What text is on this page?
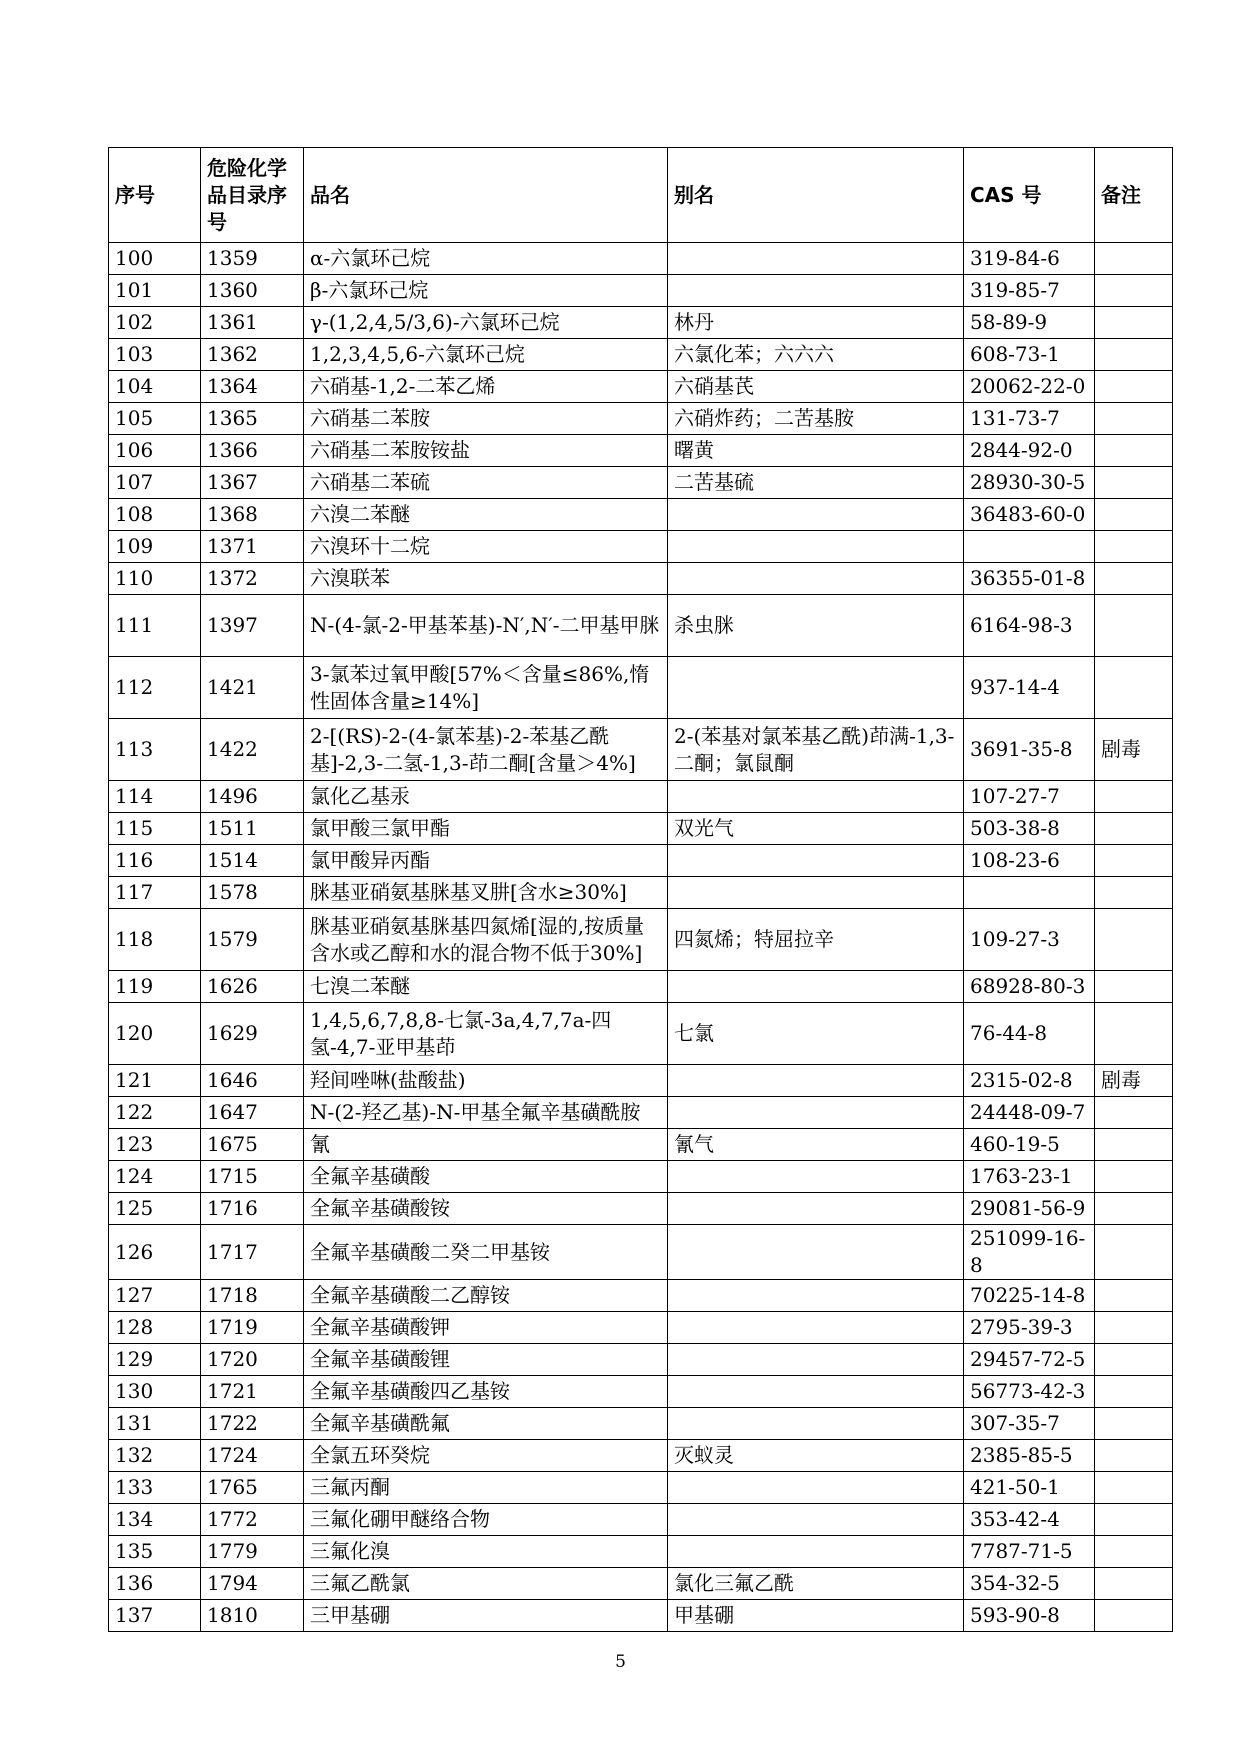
序号	危险化学品目录序号	品名	别名	CAS 号	备注
100	1359	α-六氯环己烷		319-84-6	
101	1360	β-六氯环己烷		319-85-7	
102	1361	γ-(1,2,4,5/3,6)-六氯环己烷	林丹	58-89-9	
103	1362	1,2,3,4,5,6-六氯环己烷	六氯化苯；六六六	608-73-1	
104	1364	六硝基-1,2-二苯乙烯	六硝基芪	20062-22-0	
105	1365	六硝基二苯胺	六硝炸药；二苦基胺	131-73-7	
106	1366	六硝基二苯胺铵盐	曙黄	2844-92-0	
107	1367	六硝基二苯硫	二苦基硫	28930-30-5	
108	1368	六溴二苯醚		36483-60-0	
109	1371	六溴环十二烷			
110	1372	六溴联苯		36355-01-8	
111	1397	N-(4-氯-2-甲基苯基)-N′,N′-二甲基甲脒	杀虫脒	6164-98-3	
112	1421	3-氯苯过氧甲酸[57%＜含量≤86%,惰性固体含量≥14%]		937-14-4	
113	1422	2-[(RS)-2-(4-氯苯基)-2-苯基乙酰基]-2,3-二氢-1,3-茚二酮[含量＞4%]	2-(苯基对氯苯基乙酰)茚满-1,3-二酮；氯鼠酮	3691-35-8	剧毒
114	1496	氯化乙基汞		107-27-7	
115	1511	氯甲酸三氯甲酯	双光气	503-38-8	
116	1514	氯甲酸异丙酯		108-23-6	
117	1578	脒基亚硝氨基脒基叉肼[含水≥30%]			
118	1579	脒基亚硝氨基脒基四氮烯[湿的,按质量含水或乙醇和水的混合物不低于30%]	四氮烯；特屈拉辛	109-27-3	
119	1626	七溴二苯醚		68928-80-3	
120	1629	1,4,5,6,7,8,8-七氯-3a,4,7,7a-四氢-4,7-亚甲基茚	七氯	76-44-8	
121	1646	羟间唑啉(盐酸盐)		2315-02-8	剧毒
122	1647	N-(2-羟乙基)-N-甲基全氟辛基磺酰胺		24448-09-7	
123	1675	氰	氰气	460-19-5	
124	1715	全氟辛基磺酸		1763-23-1	
125	1716	全氟辛基磺酸铵		29081-56-9	
126	1717	全氟辛基磺酸二癸二甲基铵		251099-16-8	
127	1718	全氟辛基磺酸二乙醇铵		70225-14-8	
128	1719	全氟辛基磺酸钾		2795-39-3	
129	1720	全氟辛基磺酸锂		29457-72-5	
130	1721	全氟辛基磺酸四乙基铵		56773-42-3	
131	1722	全氟辛基磺酰氟		307-35-7	
132	1724	全氯五环癸烷	灭蚁灵	2385-85-5	
133	1765	三氟丙酮		421-50-1	
134	1772	三氟化硼甲醚络合物		353-42-4	
135	1779	三氟化溴		7787-71-5	
136	1794	三氟乙酰氯	氯化三氟乙酰	354-32-5	
137	1810	三甲基硼	甲基硼	593-90-8	
5
